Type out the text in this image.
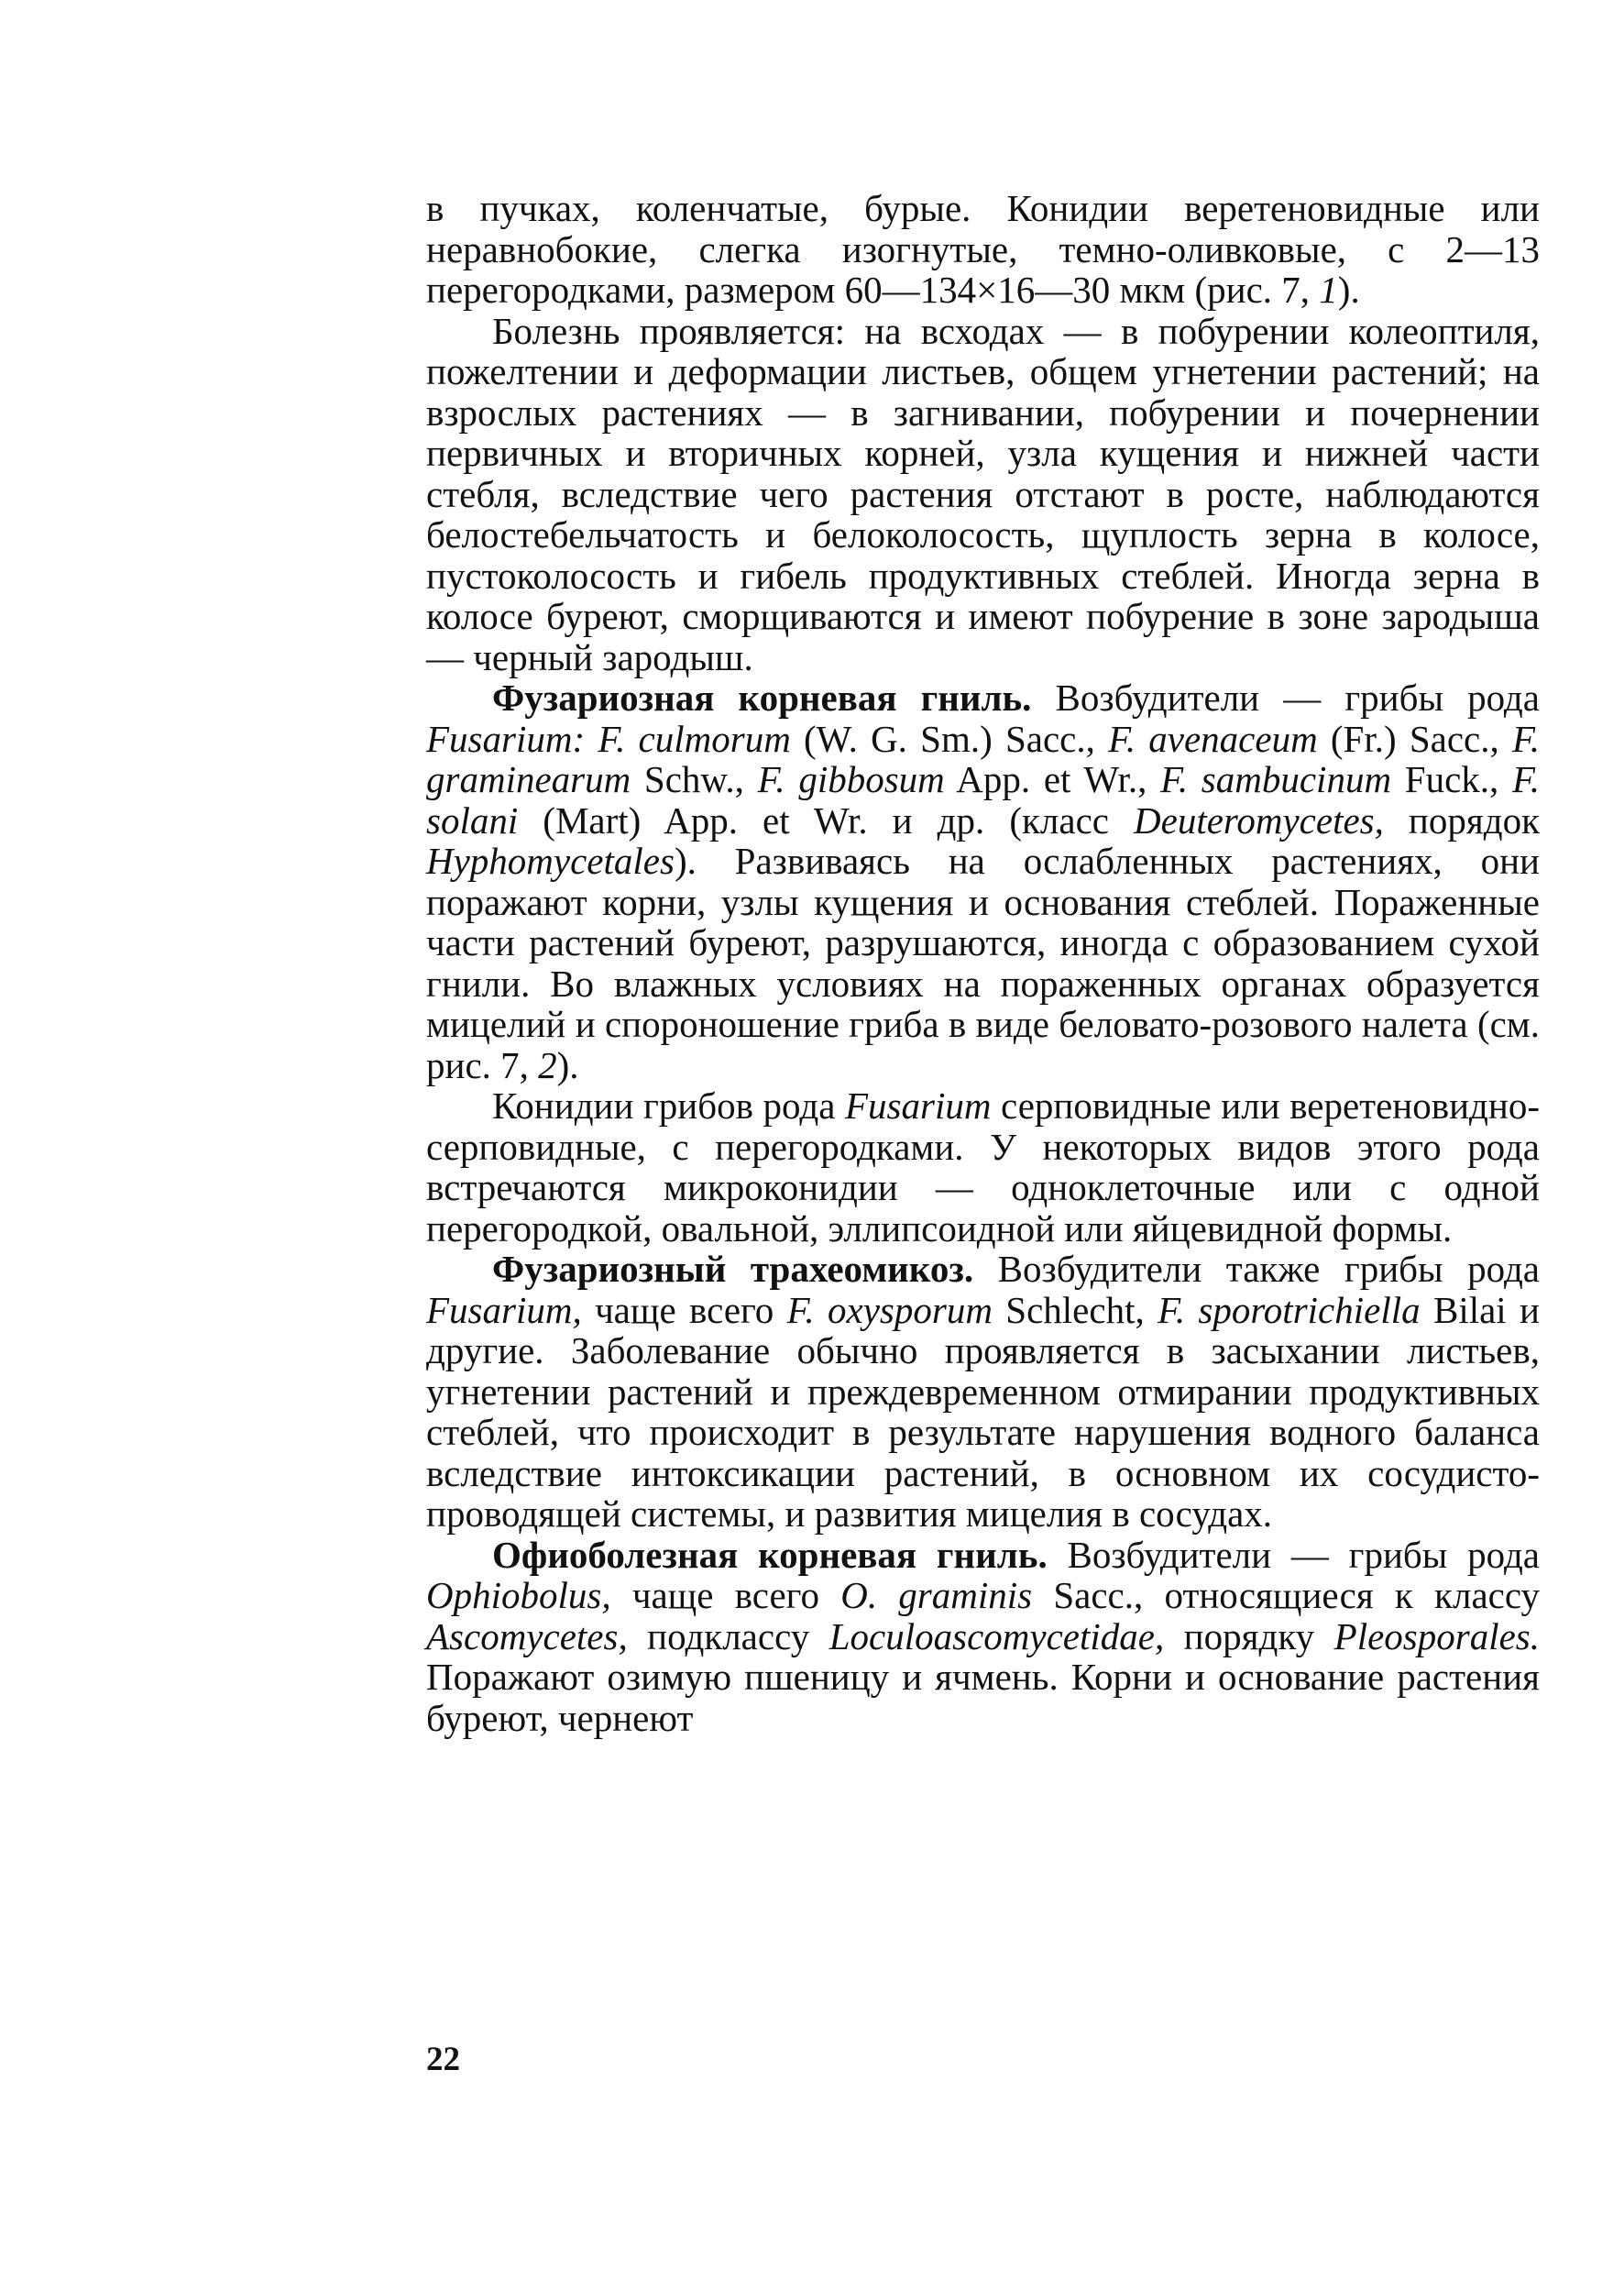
в пучках, коленчатые, бурые. Конидии веретеновидные или неравнобокие, слегка изогнутые, темно-оливковые, с 2—13 перегородками, размером 60—134×16—30 мкм (рис. 7, 1).

Болезнь проявляется: на всходах — в побурении колеоптиля, пожелтении и деформации листьев, общем угнетении растений; на взрослых растениях — в загнивании, побурении и почернении первичных и вторичных корней, узла кущения и нижней части стебля, вследствие чего растения отстают в росте, наблюдаются белостебельчатость и белоколосость, щуплость зерна в колосе, пустоколосость и гибель продуктивных стеблей. Иногда зерна в колосе буреют, сморщиваются и имеют побурение в зоне зародыша — черный зародыш.

Фузариозная корневая гниль. Возбудители — грибы рода Fusarium: F. culmorum (W. G. Sm.) Sacc., F. avenaceum (Fr.) Sacc., F. graminearum Schw., F. gibbosum App. et Wr., F. sambucinum Fuck., F. solani (Mart) App. et Wr. и др. (класс Deuteromycetes, порядок Hyphomycetales). Развиваясь на ослабленных растениях, они поражают корни, узлы кущения и основания стеблей. Пораженные части растений буреют, разрушаются, иногда с образованием сухой гнили. Во влажных условиях на пораженных органах образуется мицелий и спороношение гриба в виде беловато-розового налета (см. рис. 7, 2).

Конидии грибов рода Fusarium серповидные или веретеновидно-серповидные, с перегородками. У некоторых видов этого рода встречаются микроконидии — одноклеточные или с одной перегородкой, овальной, эллипсоидной или яйцевидной формы.

Фузариозный трахеомикоз. Возбудители также грибы рода Fusarium, чаще всего F. oxysporum Schlecht, F. sporotrichiella Bilai и другие. Заболевание обычно проявляется в засыхании листьев, угнетении растений и преждевременном отмирании продуктивных стеблей, что происходит в результате нарушения водного баланса вследствие интоксикации растений, в основном их сосудисто-проводящей системы, и развития мицелия в сосудах.

Офиоболезная корневая гниль. Возбудители — грибы рода Ophiobolus, чаще всего O. graminis Sacc., относящиеся к классу Ascomycetes, подклассу Loculoascomycetidae, порядку Pleosporales. Поражают озимую пшеницу и ячмень. Корни и основание растения буреют, чернеют

22
